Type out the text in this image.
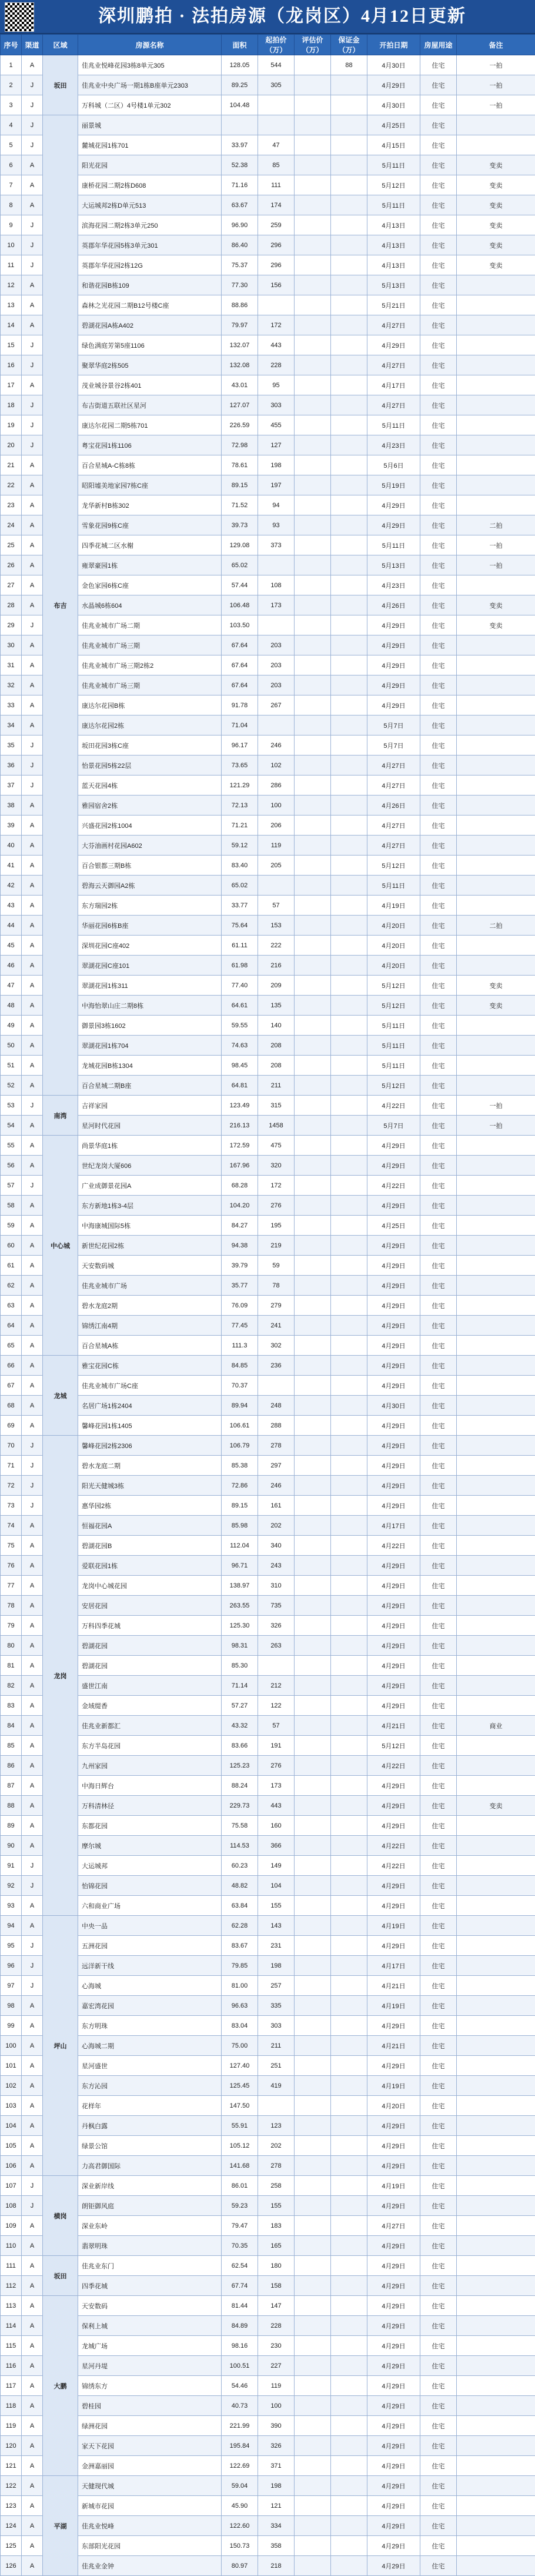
深圳鹏拍 · 法拍房源（龙岗区）4月12日更新
序号	渠道	区域	房源名称	面积	起拍价（万）	评估价（万）	保证金（万）	开拍日期	房屋用途	备注
1	A	坂田	佳兆业悦峰花园3栋8单元305	128.05	544		88	4月30日	住宅	一拍
2	J		佳兆业中央广场一期1栋B座单元2303	89.25	305			4月29日	住宅	一拍
3	J		万科城（二区）4号楼1单元302	104.48				4月30日	住宅	一拍
4	J	布吉	丽景城					4月25日	住宅	
5	J		麓城花园1栋701	33.97	47			4月15日	住宅	
6	A		阳光花园	52.38	85			5月11日	住宅	变卖
7	A		康桥花园二期2栋D608	71.16	111			5月12日	住宅	变卖
8	A		大运城邦2栋D单元513	63.67	174			5月11日	住宅	变卖
9	J		滨海花园二期2栋3单元250	96.90	259			4月13日	住宅	变卖
10	J		英郡年华花园5栋3单元301	86.40	296			4月13日	住宅	变卖
11	J		英郡年华花园2栋12G	75.37	296			4月13日	住宅	变卖
12	A		和谐花园B栋109	77.30	156			5月13日	住宅	
13	A		森林之光花园二期B12号楼C座	88.86				5月21日	住宅	
14	A		碧湖花园A栋A402	79.97	172			4月27日	住宅	
15	J		绿色满庭芳第5座1106	132.07	443			4月29日	住宅	
16	J		聚翠华庭2栋505	132.08	228			4月27日	住宅	
17	A		茂业城谷景谷2栋401	43.01	95			4月17日	住宅	
18	J		布吉街道五联社区星河	127.07	303			4月27日	住宅	
19	J		康达尔花园二期5栋701	226.59	455			5月11日	住宅	
20	J		粤宝花园1栋1106	72.98	127			4月23日	住宅	
21	A		百合星城A-C栋8栋	78.61	198			5月6日	住宅	
22	A		昭阳墟美地家园7栋C座	89.15	197			5月19日	住宅	
23	A		龙华新村B栋302	71.52	94			4月29日	住宅	
24	A		雪象花园9栋C座	39.73	93			4月29日	住宅	二拍
25	A		四季花城二区水榭	129.08	373			5月11日	住宅	一拍
26	A		雍翠豪园1栋	65.02				5月13日	住宅	一拍
27	A		金色家园6栋C座	57.44	108			4月23日	住宅	
28	A		水晶城6栋604	106.48	173			4月26日	住宅	变卖
29	J		佳兆业城市广场二期	103.50				4月29日	住宅	变卖
30	A		佳兆业城市广场三期	67.64	203			4月29日	住宅	
31	A		佳兆业城市广场三期2栋2	67.64	203			4月29日	住宅	
32	A		佳兆业城市广场三期	67.64	203			4月29日	住宅	
33	A		康达尔花园B栋	91.78	267			4月29日	住宅	
34	A		康达尔花园2栋	71.04				5月7日	住宅	
35	J		坂田花园3栋C座	96.17	246			5月7日	住宅	
36	J		怡景花园5栋22层	73.65	102			4月27日	住宅	
37	J		蓝天花园4栋	121.29	286			4月27日	住宅	
38	A		雅园宿舍2栋	72.13	100			4月26日	住宅	
39	A		兴盛花园2栋1004	71.21	206			4月27日	住宅	
40	A		大芬油画村花园A602	59.12	119			4月27日	住宅	
41	A		百合银都三期B栋	83.40	205			5月12日	住宅	
42	A		碧海云天御园A2栋	65.02				5月11日	住宅	
43	A		东方瑞园2栋	33.77	57			4月19日	住宅	
44	A		华丽花园6栋B座	75.64	153			4月20日	住宅	二拍
45	A		深圳花园C座402	61.11	222			4月20日	住宅	
46	A		翠湖花园C座101	61.98	216			4月20日	住宅	
47	A		翠湖花园1栋311	77.40	209			5月12日	住宅	变卖
48	A		中海怡翠山庄二期8栋	64.61	135			5月12日	住宅	变卖
49	A		御景园3栋1602	59.55	140			5月11日	住宅	
50	A		翠湖花园1栋704	74.63	208			5月11日	住宅	
51	A		龙城花园B栋1304	98.45	208			5月11日	住宅	
52	A		百合星城二期B座	64.81	211			5月12日	住宅	
53	J	南湾	吉祥家园	123.49	315			4月22日	住宅	一拍
54	A		星河时代花园	216.13	1458			5月7日	住宅	一拍
55	A	中心城	尚景华庭1栋	172.59	475			4月29日	住宅	
56	A		世纪龙岗大厦606	167.96	320			4月29日	住宅	
57	J		广业成御景花园A	68.28	172			4月22日	住宅	
58	A		东方新地1栋3-4层	104.20	276			4月29日	住宅	
59	A		中海康城国际5栋	84.27	195			4月25日	住宅	
60	A		新世纪花园2栋	94.38	219			4月29日	住宅	
61	A		天安数码城	39.79	59			4月29日	住宅	
62	A		佳兆业城市广场	35.77	78			4月29日	住宅	
63	A		碧水龙庭2期	76.09	279			4月29日	住宅	
64	A		锦绣江南4期	77.45	241			4月29日	住宅	
65	A		百合星城A栋	111.3	302			4月29日	住宅	
66	A	龙城	雅宝花园C栋	84.85	236			4月29日	住宅	
67	A		佳兆业城市广场C座	70.37				4月29日	住宅	
68	A		名居广场1栋2404	89.94	248			4月30日	住宅	
69	A		馨峰花园1栋1405	106.61	288			4月29日	住宅	
70	J	龙岗	馨峰花园2栋2306	106.79	278			4月29日	住宅	
71	J		碧水龙庭二期	85.38	297			4月29日	住宅	
72	J		阳光天健城3栋	72.86	246			4月29日	住宅	
73	J		惠华园2栋	89.15	161			4月29日	住宅	
74	A		恒福花园A	85.98	202			4月17日	住宅	
75	A		碧湖花园B	112.04	340			4月22日	住宅	
76	A		爱联花园1栋	96.71	243			4月29日	住宅	
77	A		龙岗中心城花园	138.97	310			4月29日	住宅	
78	A		安居花园	263.55	735			4月29日	住宅	
79	A		万科四季花城	125.30	326			4月29日	住宅	
80	A		碧湖花园	98.31	263			4月29日	住宅	
81	A		碧湖花园	85.30				4月29日	住宅	
82	A		盛世江南	71.14	212			4月29日	住宅	
83	A		金域缇香	57.27	122			4月29日	住宅	
84	A		佳兆业新都汇	43.32	57			4月21日	住宅	商业
85	A		东方半岛花园	83.66	191			5月12日	住宅	
86	A		九州家园	125.23	276			4月22日	住宅	
87	A		中海日辉台	88.24	173			4月29日	住宅	
88	A		万科清林径	229.73	443			4月29日	住宅	变卖
89	A		东都花园	75.58	160			4月29日	住宅	
90	A		摩尔城	114.53	366			4月22日	住宅	
91	J		大运城邦	60.23	149			4月22日	住宅	
92	J		怡锦花园	48.82	104			4月29日	住宅	
93	A		六和商业广场	63.84	155			4月29日	住宅	
94	A	坪山	中央一品	62.28	143			4月19日	住宅	
95	J		五洲花园	83.67	231			4月29日	住宅	
96	J		远洋新干线	79.85	198			4月17日	住宅	
97	J		心海城	81.00	257			4月21日	住宅	
98	A		嘉宏湾花园	96.63	335			4月19日	住宅	
99	A		东方明珠	83.04	303			4月29日	住宅	
100	A		心海城二期	75.00	211			4月21日	住宅	
101	A		星河盛世	127.40	251			4月29日	住宅	
102	A		东方沁园	125.45	419			4月19日	住宅	
103	A		花样年	147.50				4月20日	住宅	
104	A		丹枫白露	55.91	123			4月29日	住宅	
105	A		绿景公馆	105.12	202			4月29日	住宅	
106	A		力高君御国际	141.68	278			4月29日	住宅	
107	J	横岗	深业新岸线	86.01	258			4月19日	住宅	
108	J		朗钜御风庭	59.23	155			4月29日	住宅	
109	A		深业东岭	79.47	183			4月27日	住宅	
110	A		翡翠明珠	70.35	165			4月29日	住宅	
111	A	坂田	佳兆业东门	62.54	180			4月29日	住宅	
112	A		四季花城	67.74	158			4月29日	住宅	
113	A	大鹏	天安数码	81.44	147			4月29日	住宅	
114	A		保利上城	84.89	228			4月29日	住宅	
115	A		龙城广场	98.16	230			4月29日	住宅	
116	A		星河丹堤	100.51	227			4月29日	住宅	
117	A		锦绣东方	54.46	119			4月29日	住宅	
118	A		碧桂园	40.73	100			4月29日	住宅	
119	A		绿洲花园	221.99	390			4月29日	住宅	
120	A		家天下花园	195.84	326			4月29日	住宅	
121	A		金洲嘉丽园	122.69	371			4月29日	住宅	
122	A	平湖	天健现代城	59.04	198			4月29日	住宅	
123	A		新城市花园	45.90	121			4月29日	住宅	
124	A		佳兆业悦峰	122.60	334			4月29日	住宅	
125	A		东部阳光花园	150.73	358			4月29日	住宅	
126	A		佳兆业金钟	80.97	218			4月29日	住宅	
